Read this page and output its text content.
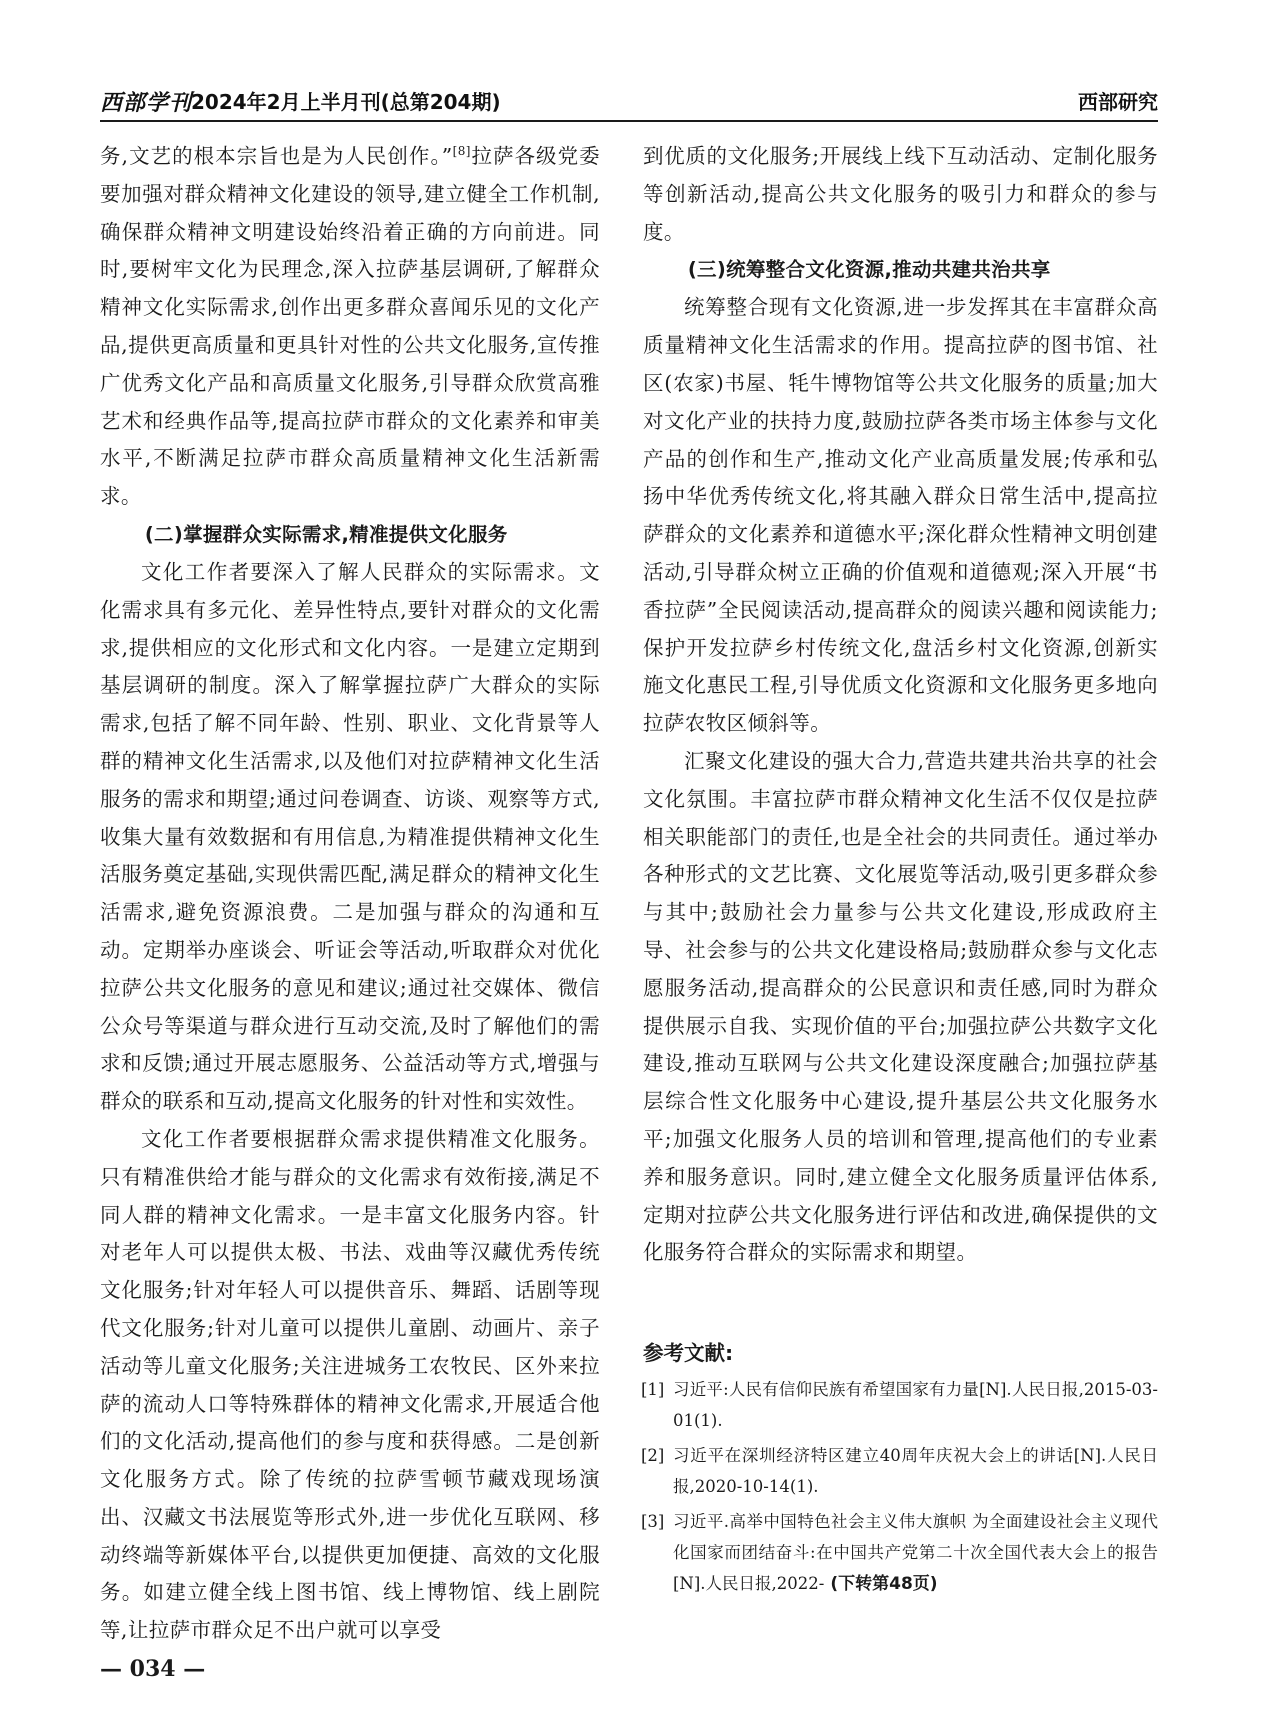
西部学刊
2024年2月上半月刊(总第204期)	西部研究

务,文艺的根本宗旨也是为人民创作。”[8]拉萨各级党委要加强对群众精神文化建设的领导,建立健全工作机制,确保群众精神文明建设始终沿着正确的方向前进。同时,要树牢文化为民理念,深入拉萨基层调研,了解群众精神文化实际需求,创作出更多群众喜闻乐见的文化产品,提供更高质量和更具针对性的公共文化服务,宣传推广优秀文化产品和高质量文化服务,引导群众欣赏高雅艺术和经典作品等,提高拉萨市群众的文化素养和审美水平,不断满足拉萨市群众高质量精神文化生活新需求。

(二)掌握群众实际需求,精准提供文化服务

文化工作者要深入了解人民群众的实际需求。文化需求具有多元化、差异性特点,要针对群众的文化需求,提供相应的文化形式和文化内容。一是建立定期到基层调研的制度。深入了解掌握拉萨广大群众的实际需求,包括了解不同年龄、性别、职业、文化背景等人群的精神文化生活需求,以及他们对拉萨精神文化生活服务的需求和期望;通过问卷调查、访谈、观察等方式,收集大量有效数据和有用信息,为精准提供精神文化生活服务奠定基础,实现供需匹配,满足群众的精神文化生活需求,避免资源浪费。二是加强与群众的沟通和互动。定期举办座谈会、听证会等活动,听取群众对优化拉萨公共文化服务的意见和建议;通过社交媒体、微信公众号等渠道与群众进行互动交流,及时了解他们的需求和反馈;通过开展志愿服务、公益活动等方式,增强与群众的联系和互动,提高文化服务的针对性和实效性。

文化工作者要根据群众需求提供精准文化服务。只有精准供给才能与群众的文化需求有效衔接,满足不同人群的精神文化需求。一是丰富文化服务内容。针对老年人可以提供太极、书法、戏曲等汉藏优秀传统文化服务;针对年轻人可以提供音乐、舞蹈、话剧等现代文化服务;针对儿童可以提供儿童剧、动画片、亲子活动等儿童文化服务;关注进城务工农牧民、区外来拉萨的流动人口等特殊群体的精神文化需求,开展适合他们的文化活动,提高他们的参与度和获得感。二是创新文化服务方式。除了传统的拉萨雪顿节藏戏现场演出、汉藏文书法展览等形式外,进一步优化互联网、移动终端等新媒体平台,以提供更加便捷、高效的文化服务。如建立健全线上图书馆、线上博物馆、线上剧院等,让拉萨市群众足不出户就可以享受

到优质的文化服务;开展线上线下互动活动、定制化服务等创新活动,提高公共文化服务的吸引力和群众的参与度。

(三)统筹整合文化资源,推动共建共治共享

统筹整合现有文化资源,进一步发挥其在丰富群众高质量精神文化生活需求的作用。提高拉萨的图书馆、社区(农家)书屋、牦牛博物馆等公共文化服务的质量;加大对文化产业的扶持力度,鼓励拉萨各类市场主体参与文化产品的创作和生产,推动文化产业高质量发展;传承和弘扬中华优秀传统文化,将其融入群众日常生活中,提高拉萨群众的文化素养和道德水平;深化群众性精神文明创建活动,引导群众树立正确的价值观和道德观;深入开展“书香拉萨”全民阅读活动,提高群众的阅读兴趣和阅读能力;保护开发拉萨乡村传统文化,盘活乡村文化资源,创新实施文化惠民工程,引导优质文化资源和文化服务更多地向拉萨农牧区倾斜等。

汇聚文化建设的强大合力,营造共建共治共享的社会文化氛围。丰富拉萨市群众精神文化生活不仅仅是拉萨相关职能部门的责任,也是全社会的共同责任。通过举办各种形式的文艺比赛、文化展览等活动,吸引更多群众参与其中;鼓励社会力量参与公共文化建设,形成政府主导、社会参与的公共文化建设格局;鼓励群众参与文化志愿服务活动,提高群众的公民意识和责任感,同时为群众提供展示自我、实现价值的平台;加强拉萨公共数字文化建设,推动互联网与公共文化建设深度融合;加强拉萨基层综合性文化服务中心建设,提升基层公共文化服务水平;加强文化服务人员的培训和管理,提高他们的专业素养和服务意识。同时,建立健全文化服务质量评估体系,定期对拉萨公共文化服务进行评估和改进,确保提供的文化服务符合群众的实际需求和期望。

参考文献:

[1] 习近平:人民有信仰民族有希望国家有力量[N].人民日报,2015-03-01(1).

[2] 习近平在深圳经济特区建立40周年庆祝大会上的讲话[N].人民日报,2020-10-14(1).

[3] 习近平.高举中国特色社会主义伟大旗帜 为全面建设社会主义现代化国家而团结奋斗:在中国共产党第二十次全国代表大会上的报告[N].人民日报,2022- (下转第48页)

— 034 —
